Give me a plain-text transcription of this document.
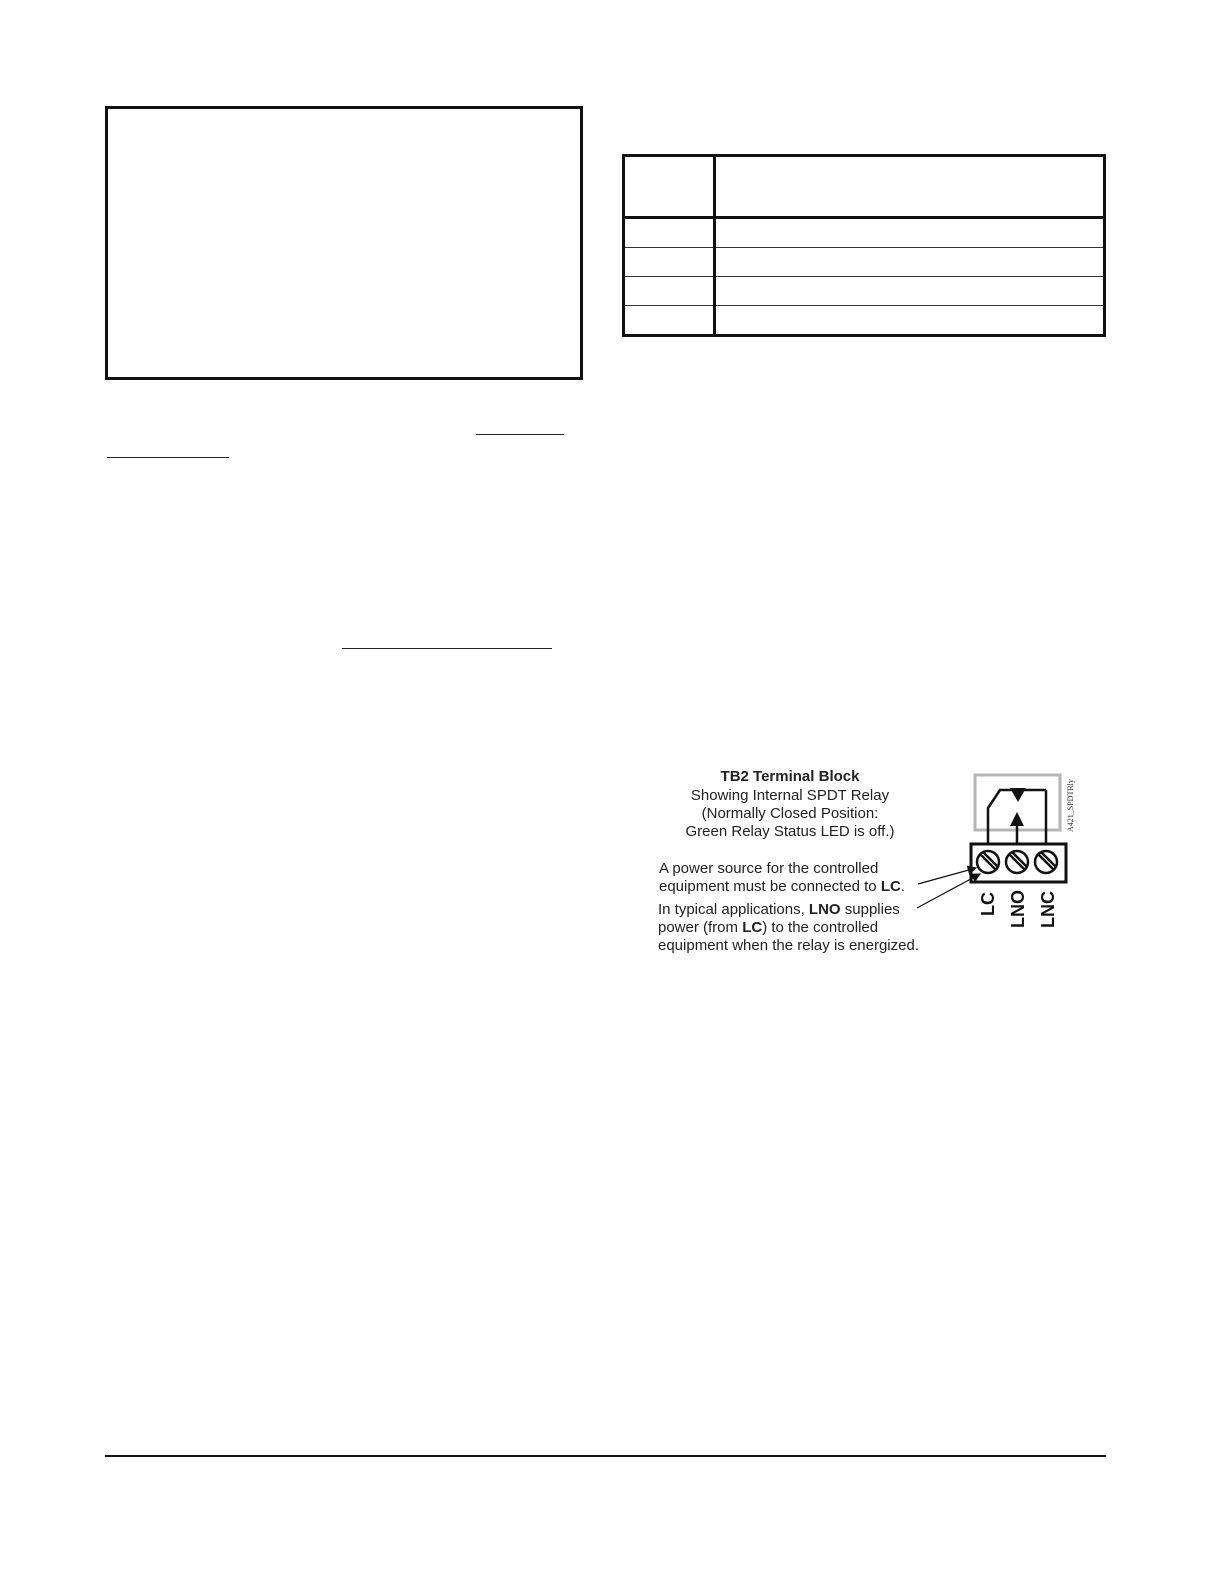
TB2 Terminal Block
Showing Internal SPDT Relay
(Normally Closed Position:
Green Relay Status LED is off.)
A power source for the controlled
equipment must be connected to LC.
In typical applications, LNO supplies
power (from LC) to the controlled
equipment when the relay is energized.
LC LNO LNC
A421_SPDTRly
